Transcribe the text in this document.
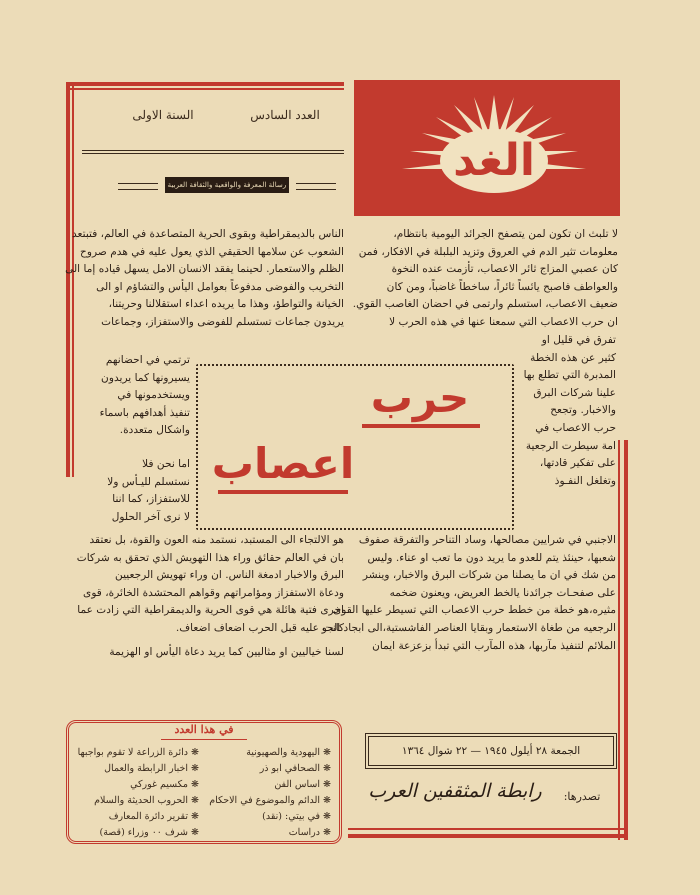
الغد
العدد السادس
السنة الاولى
رسالة المعرفة والواقعية والثقافة العربية
لا تلبث ان تكون لمن يتصفح الجرائد اليومية بانتظام،
معلومات تثير الدم في العروق وتزيد البلبلة في الافكار، فمن
كان عصبي المزاج ثائر الاعصاب، تأزمت عنده النخوة
والعواطف فاصبح يائساً ثائراً، ساخطاً غاضباً، ومن كان
ضعيف الاعصاب، استسلم وارتمى في احضان الغاصب القوي.
ان حرب الاعصاب التي سمعنا عنها في هذه الحرب لا
الناس بالديمقراطية وبقوى الحرية المتصاعدة في العالم، فتبتعد
الشعوب عن سلامها الحقيقي الذي يعول عليه في هدم صروح
الظلم والاستعمار. لحينما يفقد الانسان الامل يسهل قياده إما الى
التخريب والفوضى مدفوعاً بعوامل اليأس والتشاؤم او الى
الخيانة والتواطؤ، وهذا ما يريده اعداء استقلالنا وحريتنا،
يريدون جماعات تستسلم للفوضى والاستفزاز، وجماعات
حرب
اعصاب
تفرق في قليل او
كثير عن هذه الخطة
المدبرة التي تطلع بها
علينا شركات البرق
والاخبار. وتجعح
حرب الاعصاب في
امة سيطرت الرجعية
على تفكير قادتها،
وتغلغل النفـوذ
ترتمي في احضانهم
يسيرونها كما يريدون
ويستخدمونها في
تنفيذ أهدافهم باسماء
واشكال متعددة.
اما نحن فلا
نستسلم لليـأس ولا
للاستفزاز، كما اننا
لا نرى آخر الحلول
الاجنبي في شرايين مصالحها، وساد التناحر والتفرقة صفوف
شعبها، حينئذ يتم للعدو ما يريد دون ما تعب او عناء. وليس
من شك في ان ما يصلنا من شركات البرق والاخبار، وينشر
على صفحـات جرائدنا يالخط العريض، ويعنون ضخمه
مثيره،هو خطة من خطط حرب الاعصاب التي تسيطر عليها القوى
الرجعيه من طغاة الاستعمار وبقايا العناصر الفاشستية،الى ابجاد الجو
الملائم لتنفيذ مآربها، هذه المآرب التي تبدأ بزعزعة ايمان
هو الالتجاء الى المستبد، نستمد منه العون والقوة، بل نعتقد
بان في العالم حقائق وراء هذا التهويش الذي تحقق به شركات
البرق والاخبار ادمغة الناس. ان وراء تهويش الرجعيين
ودعاة الاستفزاز ومؤامراتهم وقواهم المحتشدة الخائرة، قوى
اخرى فتية هائلة هي قوى الحرية والديمقراطية التي زادت عما
كانت عليه قبل الحرب اضعاف اضعاف.
لسنا خياليين او مثاليين كما يريد دعاة اليأس او الهزيمة
الجمعة ٢٨ أيلول ١٩٤٥ — ٢٢ شوال ١٣٦٤
تصدرها:
رابطة المثقفين العرب
في هذا العدد
❋ اليهودية والصهيونية
❋ الصحافي ابو ذر
❋ اساس الفن
❋ الدائم والموضوع في الاحكام
❋ في بيتي: (نقد)
❋ دراسات
❋ دائرة الزراعة لا تقوم بواجبها
❋ اخبار الرابطة والعمال
❋ مكسيم غوركي
❋ الحروب الحديثة والسلام
❋ تقرير دائرة المعارف
❋ شرف ٠٠ وزراء (قصة)
